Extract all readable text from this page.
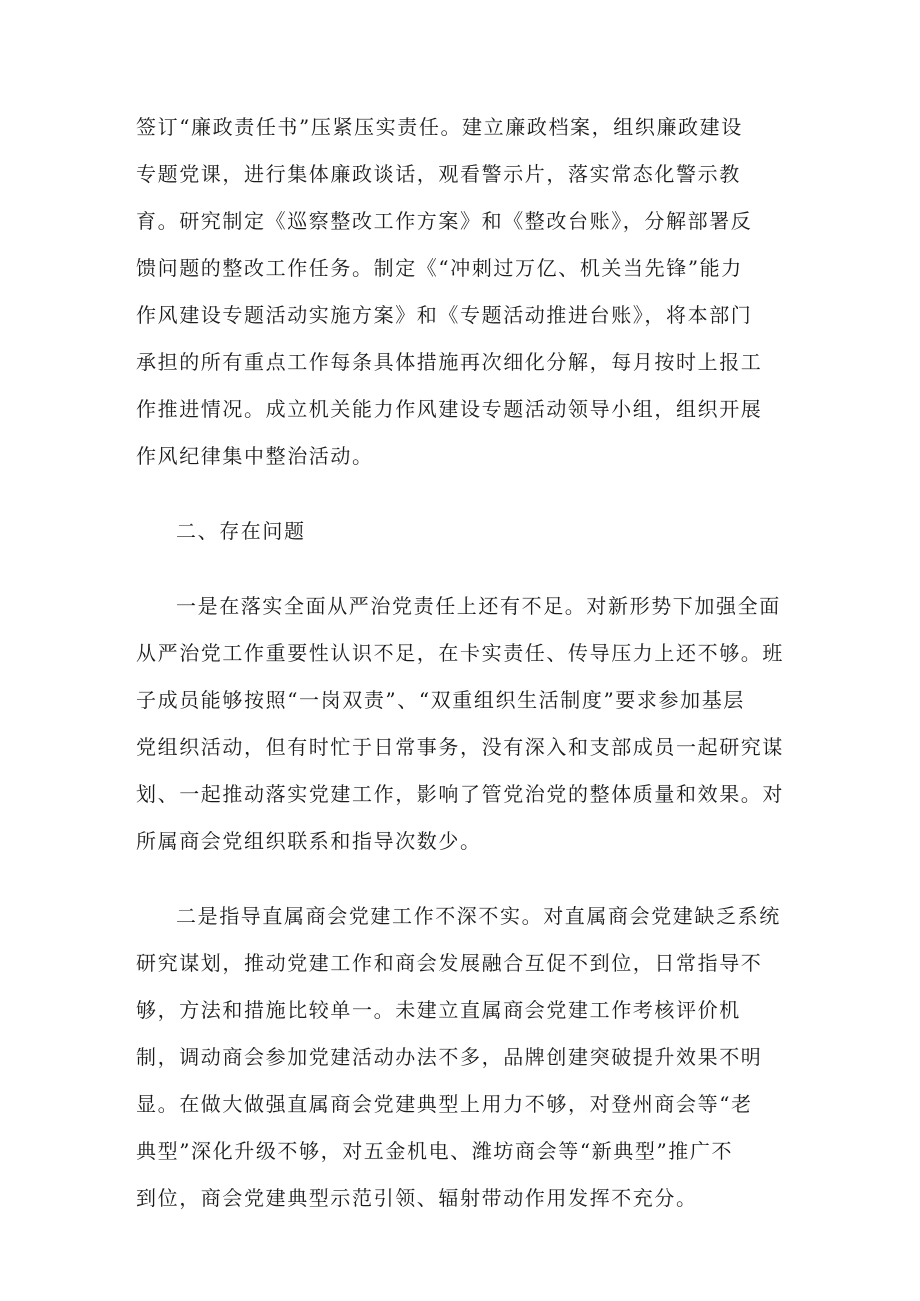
签订“廉政责任书”压紧压实责任。建立廉政档案，组织廉政建设
专题党课，进行集体廉政谈话，观看警示片，落实常态化警示教
育。研究制定《巡察整改工作方案》和《整改台账》，分解部署反
馈问题的整改工作任务。制定《“冲刺过万亿、机关当先锋”能力
作风建设专题活动实施方案》和《专题活动推进台账》，将本部门
承担的所有重点工作每条具体措施再次细化分解，每月按时上报工
作推进情况。成立机关能力作风建设专题活动领导小组，组织开展
作风纪律集中整治活动。
二、存在问题
一是在落实全面从严治党责任上还有不足。对新形势下加强全面
从严治党工作重要性认识不足，在卡实责任、传导压力上还不够。班
子成员能够按照“一岗双责”、“双重组织生活制度”要求参加基层
党组织活动，但有时忙于日常事务，没有深入和支部成员一起研究谋
划、一起推动落实党建工作，影响了管党治党的整体质量和效果。对
所属商会党组织联系和指导次数少。
二是指导直属商会党建工作不深不实。对直属商会党建缺乏系统
研究谋划，推动党建工作和商会发展融合互促不到位，日常指导不
够，方法和措施比较单一。未建立直属商会党建工作考核评价机
制，调动商会参加党建活动办法不多，品牌创建突破提升效果不明
显。在做大做强直属商会党建典型上用力不够，对登州商会等“老
典型”深化升级不够，对五金机电、潍坊商会等“新典型”推广不
到位，商会党建典型示范引领、辐射带动作用发挥不充分。
